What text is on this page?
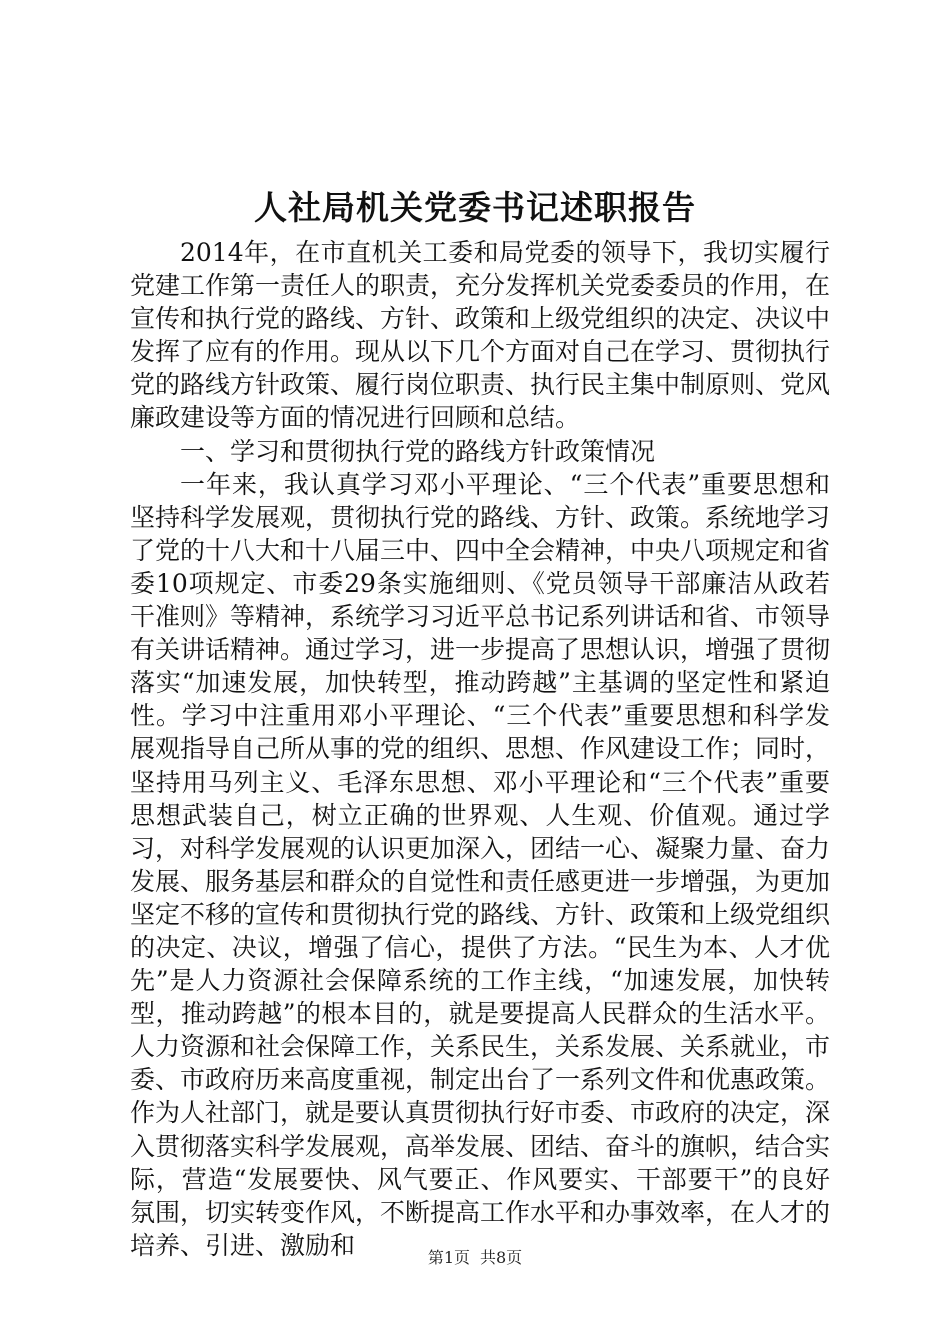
人社局机关党委书记述职报告

2014年，在市直机关工委和局党委的领导下，我切实履行党建工作第一责任人的职责，充分发挥机关党委委员的作用，在宣传和执行党的路线、方针、政策和上级党组织的决定、决议中发挥了应有的作用。现从以下几个方面对自己在学习、贯彻执行党的路线方针政策、履行岗位职责、执行民主集中制原则、党风廉政建设等方面的情况进行回顾和总结。

一、学习和贯彻执行党的路线方针政策情况

一年来，我认真学习邓小平理论、“三个代表”重要思想和坚持科学发展观，贯彻执行党的路线、方针、政策。系统地学习了党的十八大和十八届三中、四中全会精神，中央八项规定和省委10项规定、市委29条实施细则、《党员领导干部廉洁从政若干准则》等精神，系统学习习近平总书记系列讲话和省、市领导有关讲话精神。通过学习，进一步提高了思想认识，增强了贯彻落实“加速发展，加快转型，推动跨越”主基调的坚定性和紧迫性。学习中注重用邓小平理论、“三个代表”重要思想和科学发展观指导自己所从事的党的组织、思想、作风建设工作；同时，坚持用马列主义、毛泽东思想、邓小平理论和“三个代表”重要思想武装自己，树立正确的世界观、人生观、价值观。通过学习，对科学发展观的认识更加深入，团结一心、凝聚力量、奋力发展、服务基层和群众的自觉性和责任感更进一步增强，为更加坚定不移的宣传和贯彻执行党的路线、方针、政策和上级党组织的决定、决议，增强了信心，提供了方法。“民生为本、人才优先”是人力资源社会保障系统的工作主线，“加速发展，加快转型，推动跨越”的根本目的，就是要提高人民群众的生活水平。人力资源和社会保障工作，关系民生，关系发展、关系就业，市委、市政府历来高度重视，制定出台了一系列文件和优惠政策。作为人社部门，就是要认真贯彻执行好市委、市政府的决定，深入贯彻落实科学发展观，高举发展、团结、奋斗的旗帜，结合实际，营造“发展要快、风气要正、作风要实、干部要干”的良好氛围，切实转变作风，不断提高工作水平和办事效率，在人才的培养、引进、激励和	第1页 共8页
